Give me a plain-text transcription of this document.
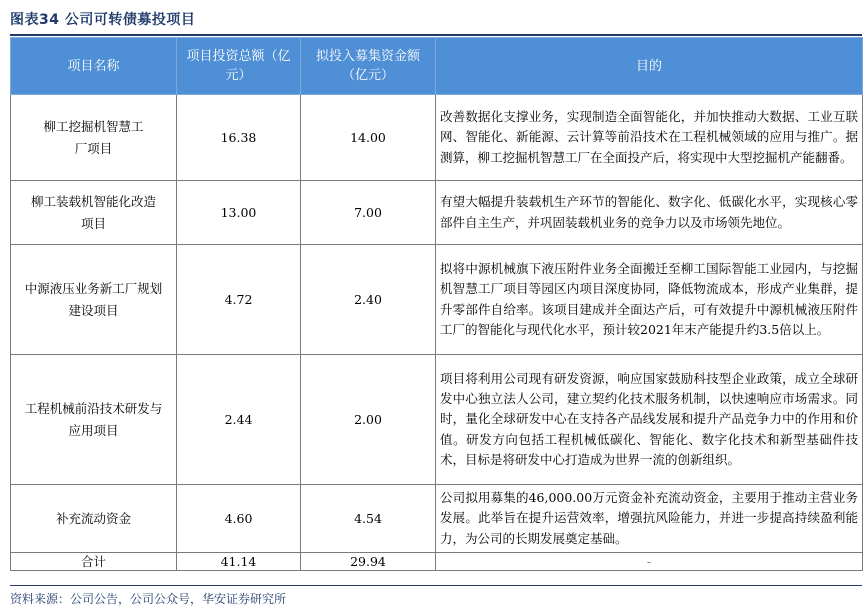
图表34 公司可转债募投项目
项目名称	项目投资总额（亿元）	拟投入募集资金额（亿元）	目的
柳工挖掘机智慧工厂项目	16.38	14.00	改善数据化支撑业务，实现制造全面智能化，并加快推动大数据、工业互联网、智能化、新能源、云计算等前沿技术在工程机械领域的应用与推广。据测算，柳工挖掘机智慧工厂在全面投产后，将实现中大型挖掘机产能翻番。
柳工装载机智能化改造项目	13.00	7.00	有望大幅提升装载机生产环节的智能化、数字化、低碳化水平，实现核心零部件自主生产，并巩固装载机业务的竞争力以及市场领先地位。
中源液压业务新工厂规划建设项目	4.72	2.40	拟将中源机械旗下液压附件业务全面搬迁至柳工国际智能工业园内，与挖掘机智慧工厂项目等园区内项目深度协同，降低物流成本，形成产业集群，提升零部件自给率。该项目建成并全面达产后，可有效提升中源机械液压附件工厂的智能化与现代化水平，预计较2021年末产能提升约3.5倍以上。
工程机械前沿技术研发与应用项目	2.44	2.00	项目将利用公司现有研发资源，响应国家鼓励科技型企业政策，成立全球研发中心独立法人公司，建立契约化技术服务机制，以快速响应市场需求。同时，量化全球研发中心在支持各产品线发展和提升产品竞争力中的作用和价值。研发方向包括工程机械低碳化、智能化、数字化技术和新型基础件技术，目标是将研发中心打造成为世界一流的创新组织。
补充流动资金	4.60	4.54	公司拟用募集的46,000.00万元资金补充流动资金，主要用于推动主营业务发展。此举旨在提升运营效率，增强抗风险能力，并进一步提高持续盈利能力，为公司的长期发展奠定基础。
合计	41.14	29.94	-
资料来源：公司公告，公司公众号，华安证券研究所
